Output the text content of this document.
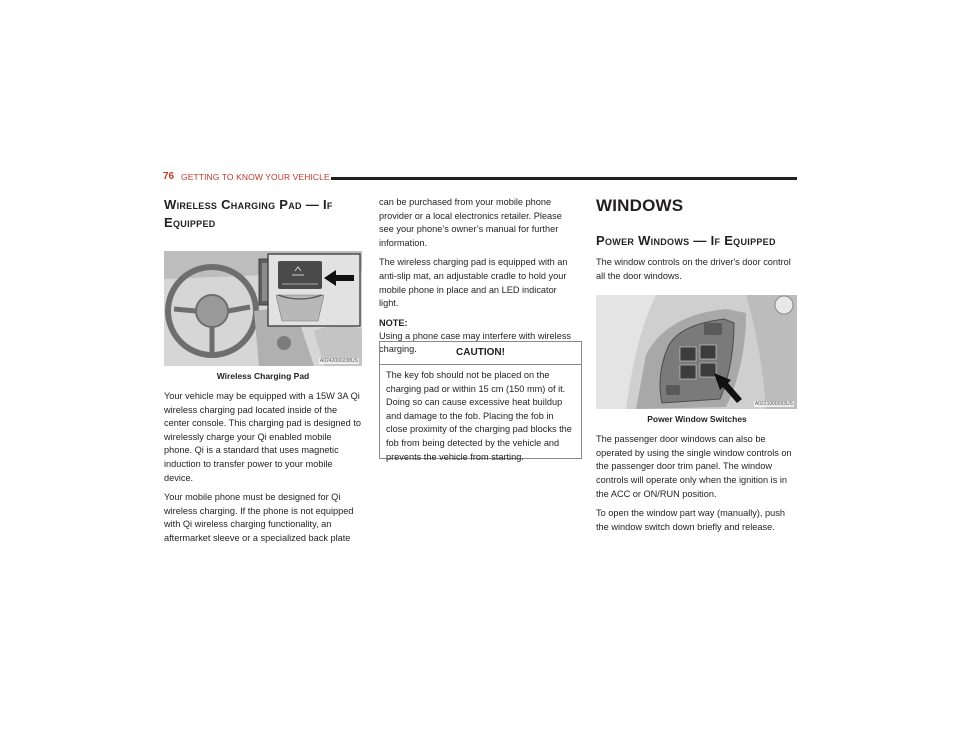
76 GETTING TO KNOW YOUR VEHICLE
Wireless Charging Pad — If
Equipped
A0242000238US
Wireless Charging Pad

Your vehicle may be equipped with a 15W 3A Qi wireless charging pad located inside of the center console. This charging pad is designed to wirelessly charge your Qi enabled mobile phone. Qi is a standard that uses magnetic induction to transfer power to your mobile device.

Your mobile phone must be designed for Qi wireless charging. If the phone is not equipped with Qi wireless charging functionality, an aftermarket sleeve or a specialized back plate

can be purchased from your mobile phone provider or a local electronics retailer. Please see your phone’s owner’s manual for further information.

The wireless charging pad is equipped with an anti-slip mat, an adjustable cradle to hold your mobile phone in place and an LED indicator light.

NOTE:

Using a phone case may interfere with wireless charging.	CAUTION!
The key fob should not be placed on the charging pad or within 15 cm (150 mm) of it. Doing so can cause excessive heat buildup and damage to the fob. Placing the fob in close proximity of the charging pad blocks the fob from being detected by the vehicle and prevents the vehicle from starting.
WINDOWS
Power Windows — If Equipped

The window controls on the driver's door control all the door windows.

A0221000033US
Power Window Switches

The passenger door windows can also be operated by using the single window controls on the passenger door trim panel. The window controls will operate only when the ignition is in the ACC or ON/RUN position.

To open the window part way (manually), push the window switch down briefly and release.
